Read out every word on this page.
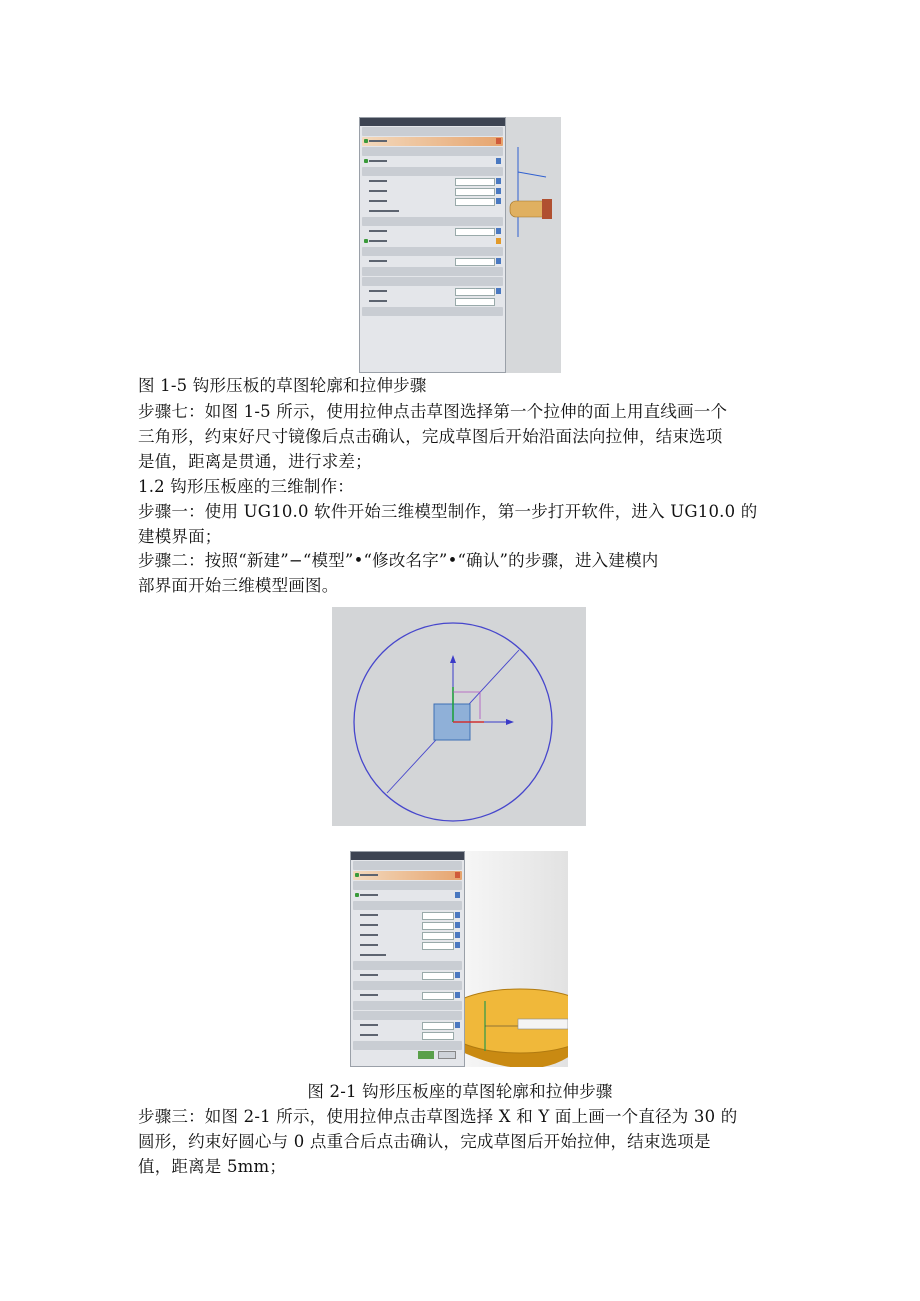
图 1-5 钩形压板的草图轮廓和拉伸步骤
步骤七：如图 1-5 所示，使用拉伸点击草图选择第一个拉伸的面上用直线画一个
三角形，约束好尺寸镜像后点击确认，完成草图后开始沿面法向拉伸，结束选项
是值，距离是贯通，进行求差；
1.2 钩形压板座的三维制作：
步骤一：使用 UG10.0 软件开始三维模型制作，第一步打开软件，进入 UG10.0 的
建模界面；
步骤二：按照“新建”−“模型”•“修改名字”•“确认”的步骤，进入建模内
部界面开始三维模型画图。
图 2-1 钩形压板座的草图轮廓和拉伸步骤
步骤三：如图 2-1 所示，使用拉伸点击草图选择 X 和 Y 面上画一个直径为 30 的
圆形，约束好圆心与 0 点重合后点击确认，完成草图后开始拉伸，结束选项是
值，距离是 5mm；
